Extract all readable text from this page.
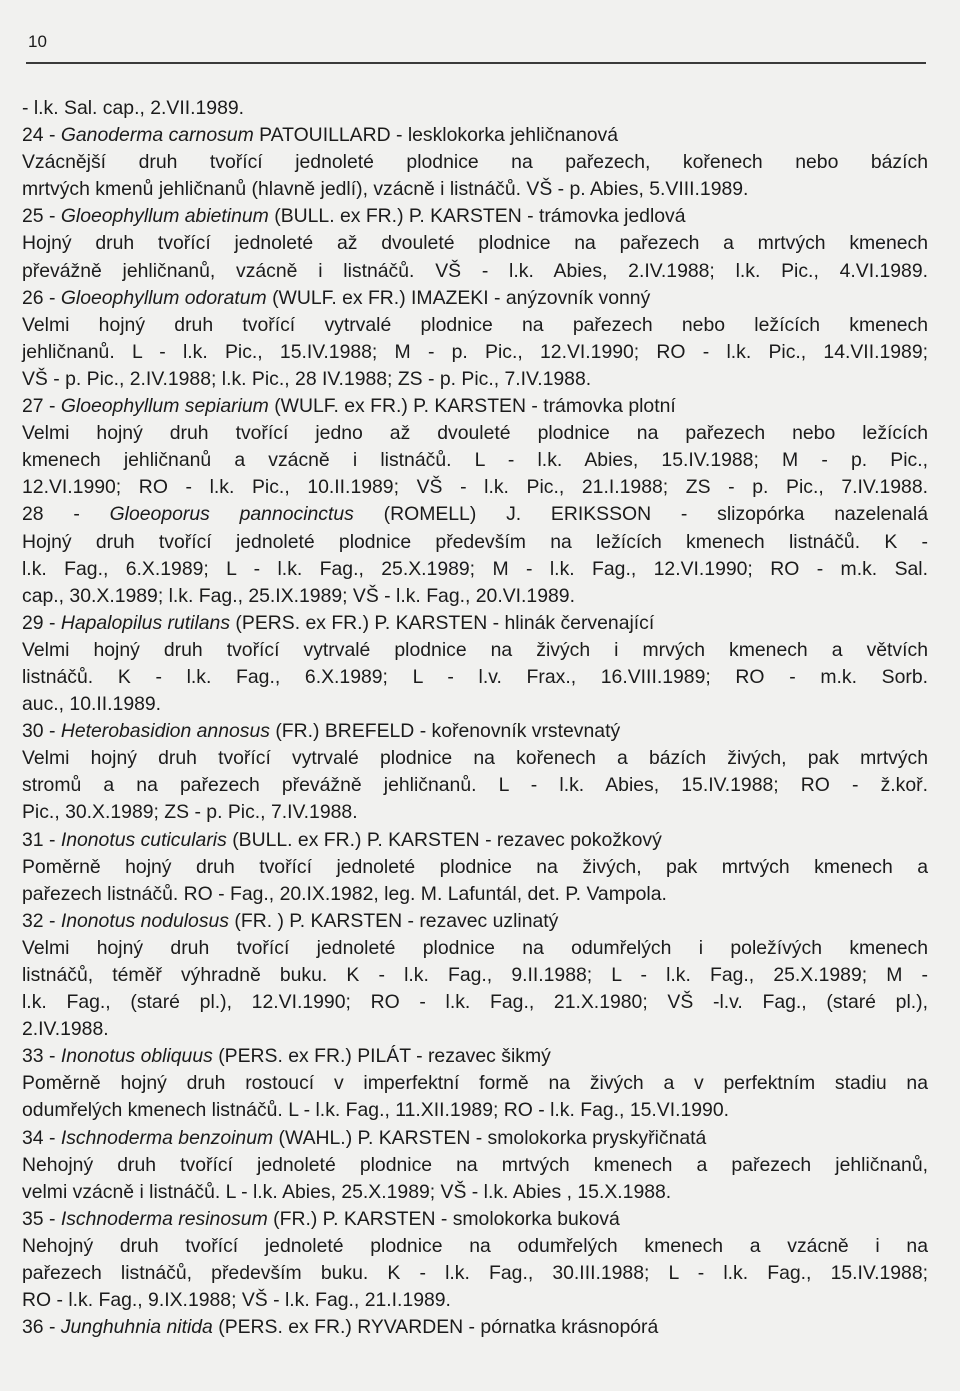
10
- l.k. Sal. cap., 2.VII.1989.
24 - Ganoderma carnosum PATOUILLARD - lesklokorka jehličnanová
Vzácnější druh tvořící jednoleté plodnice na pařezech, kořenech nebo bázích
mrtvých kmenů jehličnanů (hlavně jedlí), vzácně i listnáčů. VŠ - p. Abies, 5.VIII.1989.
25 - Gloeophyllum abietinum (BULL. ex FR.) P. KARSTEN - trámovka jedlová
Hojný druh tvořící jednoleté až dvouleté plodnice na pařezech a mrtvých kmenech
převážně jehličnanů, vzácně i listnáčů. VŠ - l.k. Abies, 2.IV.1988; l.k. Pic., 4.VI.1989.
26 - Gloeophyllum odoratum (WULF. ex FR.) IMAZEKI - anýzovník vonný
Velmi hojný druh tvořící vytrvalé plodnice na pařezech nebo ležících kmenech
jehličnanů. L - l.k. Pic., 15.IV.1988; M - p. Pic., 12.VI.1990; RO - l.k. Pic., 14.VII.1989;
VŠ - p. Pic., 2.IV.1988; l.k. Pic., 28 IV.1988; ZS - p. Pic., 7.IV.1988.
27 - Gloeophyllum sepiarium (WULF. ex FR.) P. KARSTEN - trámovka plotní
Velmi hojný druh tvořící jedno až dvouleté plodnice na pařezech nebo ležících
kmenech jehličnanů a vzácně i listnáčů. L - l.k. Abies, 15.IV.1988; M - p. Pic.,
12.VI.1990; RO - l.k. Pic., 10.II.1989; VŠ - l.k. Pic., 21.I.1988; ZS - p. Pic., 7.IV.1988.
28 - Gloeoporus pannocinctus (ROMELL) J. ERIKSSON - slizopórka nazelenalá
Hojný druh tvořící jednoleté plodnice především na ležících kmenech listnáčů. K -
l.k. Fag., 6.X.1989; L - l.k. Fag., 25.X.1989; M - l.k. Fag., 12.VI.1990; RO - m.k. Sal.
cap., 30.X.1989; l.k. Fag., 25.IX.1989; VŠ - l.k. Fag., 20.VI.1989.
29 - Hapalopilus rutilans (PERS. ex FR.) P. KARSTEN - hlinák červenající
Velmi hojný druh tvořící vytrvalé plodnice na živých i mrvých kmenech a větvích
listnáčů. K - l.k. Fag., 6.X.1989; L - l.v. Frax., 16.VIII.1989; RO - m.k. Sorb.
auc., 10.II.1989.
30 - Heterobasidion annosus (FR.) BREFELD - kořenovník vrstevnatý
Velmi hojný druh tvořící vytrvalé plodnice na kořenech a bázích živých, pak mrtvých
stromů a na pařezech převážně jehličnanů. L - l.k. Abies, 15.IV.1988; RO - ž.koř.
Pic., 30.X.1989; ZS - p. Pic., 7.IV.1988.
31 - Inonotus cuticularis (BULL. ex FR.) P. KARSTEN - rezavec pokožkový
Poměrně hojný druh tvořící jednoleté plodnice na živých, pak mrtvých kmenech a
pařezech listnáčů. RO - Fag., 20.IX.1982, leg. M. Lafuntál, det. P. Vampola.
32 - Inonotus nodulosus (FR. ) P. KARSTEN - rezavec uzlinatý
Velmi hojný druh tvořící jednoleté plodnice na odumřelých i poležívých kmenech
listnáčů, téměř výhradně buku. K - l.k. Fag., 9.II.1988; L - l.k. Fag., 25.X.1989; M -
l.k. Fag., (staré pl.), 12.VI.1990; RO - l.k. Fag., 21.X.1980; VŠ -l.v. Fag., (staré pl.),
2.IV.1988.
33 - Inonotus obliquus (PERS. ex FR.) PILÁT - rezavec šikmý
Poměrně hojný druh rostoucí v imperfektní formě na živých a v perfektním stadiu na
odumřelých kmenech listnáčů. L - l.k. Fag., 11.XII.1989; RO - l.k. Fag., 15.VI.1990.
34 - Ischnoderma benzoinum (WAHL.) P. KARSTEN - smolokorka pryskyřičnatá
Nehojný druh tvořící jednoleté plodnice na mrtvých kmenech a pařezech jehličnanů,
velmi vzácně i listnáčů. L - l.k. Abies, 25.X.1989; VŠ - l.k. Abies , 15.X.1988.
35 - Ischnoderma resinosum (FR.) P. KARSTEN - smolokorka buková
Nehojný druh tvořící jednoleté plodnice na odumřelých kmenech a vzácně i na
pařezech listnáčů, především buku. K - l.k. Fag., 30.III.1988; L - l.k. Fag., 15.IV.1988;
RO - l.k. Fag., 9.IX.1988; VŠ - l.k. Fag., 21.I.1989.
36 - Junghuhnia nitida (PERS. ex FR.) RYVARDEN - pórnatka krásnopórá
